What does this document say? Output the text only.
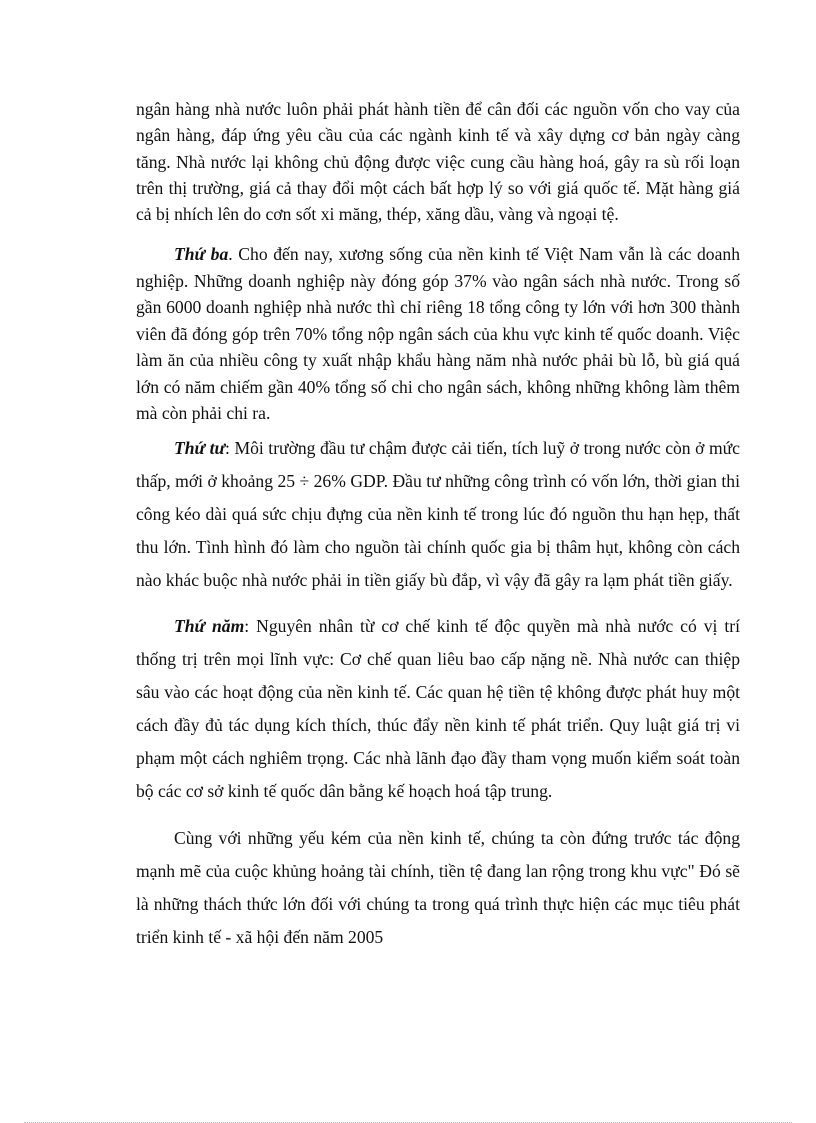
ngân hàng nhà nước luôn phải phát hành tiền để cân đối các nguồn vốn cho vay của ngân hàng, đáp ứng yêu cầu của các ngành kinh tế và xây dựng cơ bản ngày càng tăng. Nhà nước lại không chủ động được việc cung cầu hàng hoá, gây ra sù rối loạn trên thị trường, giá cả thay đổi một cách bất hợp lý so với giá quốc tế. Mặt hàng giá cả bị nhích lên do cơn sốt xi măng, thép, xăng dầu, vàng và ngoại tệ.

Thứ ba. Cho đến nay, xương sống của nền kinh tế Việt Nam vẫn là các doanh nghiệp. Những doanh nghiệp này đóng góp 37% vào ngân sách nhà nước. Trong số gần 6000 doanh nghiệp nhà nước thì chỉ riêng 18 tổng công ty lớn với hơn 300 thành viên đã đóng góp trên 70% tổng nộp ngân sách của khu vực kinh tế quốc doanh. Việc làm ăn của nhiều công ty xuất nhập khẩu hàng năm nhà nước phải bù lỗ, bù giá quá lớn có năm chiếm gần 40% tổng số chi cho ngân sách, không những không làm thêm mà còn phải chi ra.

Thứ tư: Môi trường đầu tư chậm được cải tiến, tích luỹ ở trong nước còn ở mức thấp, mới ở khoảng 25 ÷ 26% GDP. Đầu tư những công trình có vốn lớn, thời gian thi công kéo dài quá sức chịu đựng của nền kinh tế trong lúc đó nguồn thu hạn hẹp, thất thu lớn. Tình hình đó làm cho nguồn tài chính quốc gia bị thâm hụt, không còn cách nào khác buộc nhà nước phải in tiền giấy bù đắp, vì vậy đã gây ra lạm phát tiền giấy.

Thứ năm: Nguyên nhân từ cơ chế kinh tế độc quyền mà nhà nước có vị trí thống trị trên mọi lĩnh vực: Cơ chế quan liêu bao cấp nặng nề. Nhà nước can thiệp sâu vào các hoạt động của nền kinh tế. Các quan hệ tiền tệ không được phát huy một cách đầy đủ tác dụng kích thích, thúc đẩy nền kinh tế phát triển. Quy luật giá trị vi phạm một cách nghiêm trọng. Các nhà lãnh đạo đầy tham vọng muốn kiểm soát toàn bộ các cơ sở kinh tế quốc dân bằng kế hoạch hoá tập trung.

Cùng với những yếu kém của nền kinh tế, chúng ta còn đứng trước tác động mạnh mẽ của cuộc khủng hoảng tài chính, tiền tệ đang lan rộng trong khu vực" Đó sẽ là những thách thức lớn đối với chúng ta trong quá trình thực hiện các mục tiêu phát triển kinh tế - xã hội đến năm 2005
